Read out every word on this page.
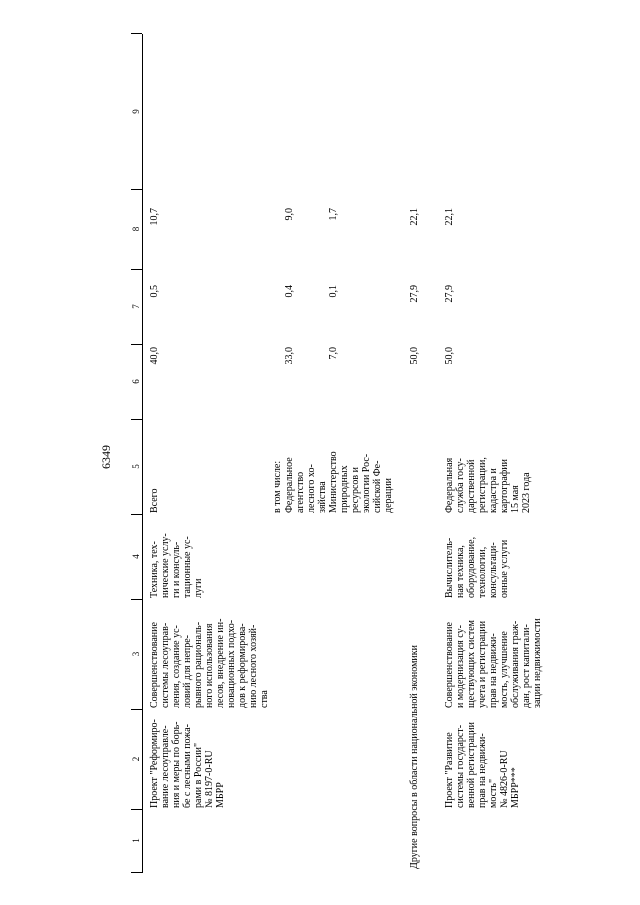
6349
1
2
3
4
5
6
7
8
9
Проект "Реформиро- вание лесоуправле- ния и меры по борь- бе с лесными пожа- рами в России" № 8197-0-RU МБРР
Совершенствование системы лесоуправ- ления, создание ус- ловий для непре- рывного рациональ- ного использования лесов, внедрение ин- новационных подхо- дов к реформирова- нию лесного хозяй- ства
Техника, тех- нические услу- ги и консуль- тационные ус- луги
Всего
40,0
0,5
10,7
в том числе: Федеральное агентство лесного хо- зяйства
33,0
0,4
9,0
Министерство природных ресурсов и экологии Рос- сийской Фе- дерации
7,0
0,1
1,7
Другие вопросы в области национальной экономики
50,0
27,9
22,1
Проект "Развитие системы государст- венной регистрации прав на недвижи- мость" № 4826-0-RU МБРР***
Совершенствование и модернизация су- ществующих систем учета и регистрации прав на недвижи- мость, улучшение обслуживания граж- дан, рост капитали- зации недвижимости
Вычислитель- ная техника, оборудование, технологии, консультаци- онные услуги
Федеральная служба госу- дарственной регистрации, кадастра и картографии 15 мая 2023 года
50,0
27,9
22,1
